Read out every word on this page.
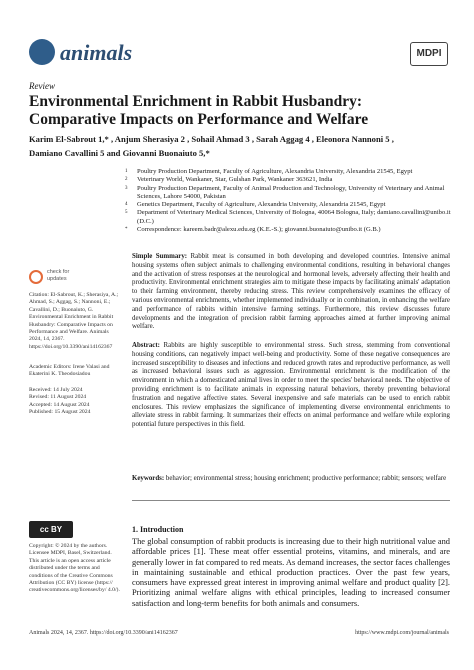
animals	MDPI
Review
Environmental Enrichment in Rabbit Husbandry: Comparative Impacts on Performance and Welfare
Karim El-Sabrout 1,* , Anjum Sherasiya 2 , Sohail Ahmad 3 , Sarah Aggag 4 , Eleonora Nannoni 5 ,
Damiano Cavallini 5 and Giovanni Buonaiuto 5,*
1 Poultry Production Department, Faculty of Agriculture, Alexandria University, Alexandria 21545, Egypt
2 Veterinary World, Wankaner, Star, Gulshan Park, Wankaner 363621, India
3 Poultry Production Department, Faculty of Animal Production and Technology, University of Veterinary and Animal Sciences, Lahore 54000, Pakistan
4 Genetics Department, Faculty of Agriculture, Alexandria University, Alexandria 21545, Egypt
5 Department of Veterinary Medical Sciences, University of Bologna, 40064 Bologna, Italy; damiano.cavallini@unibo.it (D.C.)
* Correspondence: kareem.badr@alexu.edu.eg (K.E.-S.); giovanni.buonaiuto@unibo.it (G.B.)
Simple Summary: Rabbit meat is consumed in both developing and developed countries. Intensive animal housing systems often subject animals to challenging environmental conditions, resulting in behavioral changes and the activation of stress responses at the neurological and hormonal levels, adversely affecting their health and productivity. Environmental enrichment strategies aim to mitigate these impacts by facilitating animals' adaptation to their farming environment, thereby reducing stress. This review comprehensively examines the efficacy of various environmental enrichments, whether implemented individually or in combination, in enhancing the welfare and performance of rabbits within intensive farming settings. Furthermore, this review discusses future developments and the integration of precision rabbit farming approaches aimed at further improving animal welfare.
Abstract: Rabbits are highly susceptible to environmental stress. Such stress, stemming from conventional housing conditions, can negatively impact well-being and productivity. Some of these negative consequences are increased susceptibility to diseases and infections and reduced growth rates and reproductive performance, as well as increased behavioral issues such as aggression. Environmental enrichment is the modification of the environment in which a domesticated animal lives in order to meet the species' behavioral needs. The objective of providing enrichment is to facilitate animals in expressing natural behaviors, thereby preventing behavioral frustration and negative affective states. Several inexpensive and safe materials can be used to enrich rabbit enclosures. This review emphasizes the significance of implementing diverse environmental enrichments to alleviate stress in rabbit farming. It summarizes their effects on animal performance and welfare while exploring potential future perspectives in this field.
Keywords: behavior; environmental stress; housing enrichment; productive performance; rabbit; sensors; welfare
check for
updates
Citation: El-Sabrout, K.; Sherasiya, A.; Ahmad, S.; Aggag, S.; Nannoni, E.; Cavallini, D.; Buonaiuto, G. Environmental Enrichment in Rabbit Husbandry: Comparative Impacts on Performance and Welfare. Animals 2024, 14, 2367. https://doi.org/10.3390/ani14162367
Academic Editors: Irene Valasi and Ekaterini K. Theodosiadou
Received: 14 July 2024
Revised: 11 August 2024
Accepted: 14 August 2024
Published: 15 August 2024
cc BY
Copyright: © 2024 by the authors. Licensee MDPI, Basel, Switzerland. This article is an open access article distributed under the terms and conditions of the Creative Commons Attribution (CC BY) license (https:// creativecommons.org/licenses/by/ 4.0/).
1. Introduction
The global consumption of rabbit products is increasing due to their high nutritional value and affordable prices [1]. These meat offer essential proteins, vitamins, and minerals, and are generally lower in fat compared to red meats. As demand increases, the sector faces challenges in maintaining sustainable and ethical production practices. Over the past few years, consumers have expressed great interest in improving animal welfare and product quality [2]. Prioritizing animal welfare aligns with ethical principles, leading to increased consumer satisfaction and long-term benefits for both animals and consumers.
Animals 2024, 14, 2367. https://doi.org/10.3390/ani14162367	https://www.mdpi.com/journal/animals
